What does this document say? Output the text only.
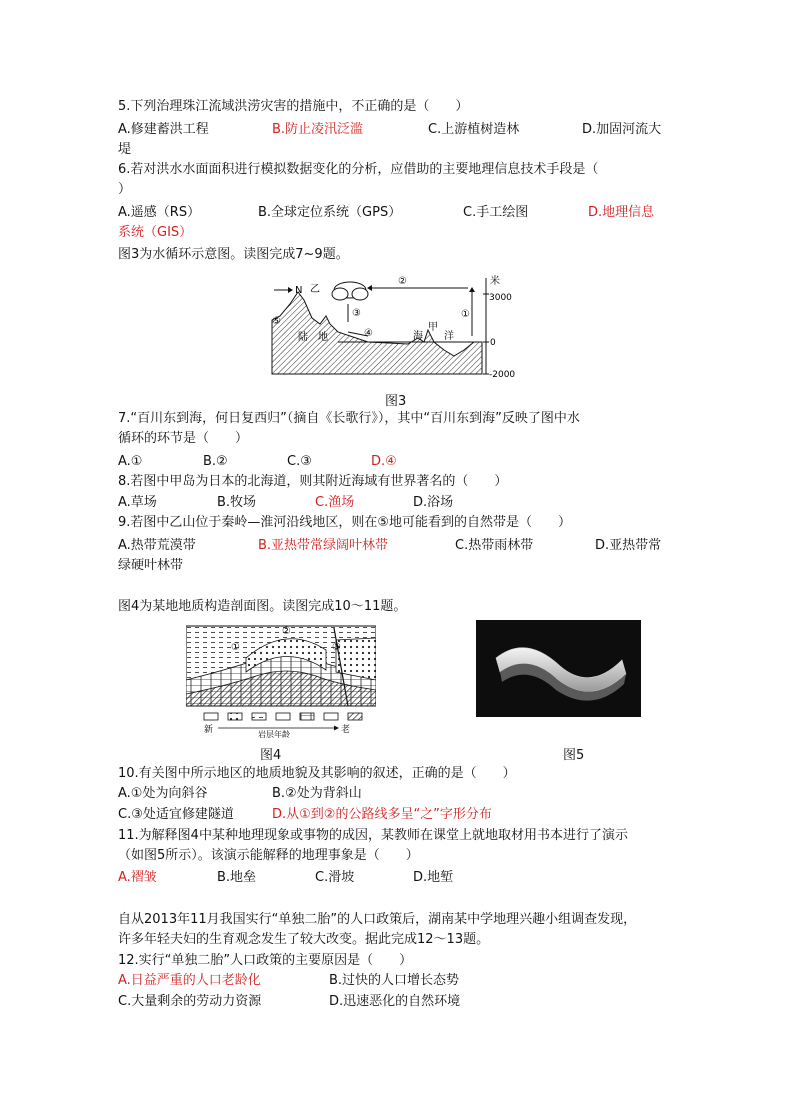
5.下列治理珠江流域洪涝灾害的措施中，不正确的是（　　）
A.修建蓄洪工程	B.防止凌汛泛滥	C.上游植树造林	D.加固河流大
堤
6.若对洪水水面面积进行模拟数据变化的分析，应借助的主要地理信息技术手段是（
）
A.遥感（RS）	B.全球定位系统（GPS）	C.手工绘图	D.地理信息
系统（GIS）
图3为水循环示意图。读图完成7~9题。
米
3000
0
-2000
N 乙
陆　地	海
甲
洋
①
②
③
④
⑤
图3
7.“百川东到海，何日复西归”（摘自《长歌行》），其中“百川东到海”反映了图中水
循环的环节是（　　）
A.①	B.②	C.③	D.④
8.若图中甲岛为日本的北海道，则其附近海域有世界著名的（　　）
A.草场	B.牧场	C.渔场	D.浴场
9.若图中乙山位于秦岭—淮河沿线地区，则在⑤地可能看到的自然带是（　　）
A.热带荒漠带	B.亚热带常绿阔叶林带	C.热带雨林带	D.亚热带常
绿硬叶林带
图4为某地地质构造剖面图。读图完成10～11题。
①
②
③
新	老
岩层年龄
图4	图5
10.有关图中所示地区的地质地貌及其影响的叙述，正确的是（　　）
A.①处为向斜谷	B.②处为背斜山
C.③处适宜修建隧道	D.从①到②的公路线多呈“之”字形分布
11.为解释图4中某种地理现象或事物的成因，某教师在课堂上就地取材用书本进行了演示
（如图5所示）。该演示能解释的地理事象是（　　）
A.褶皱	B.地垒	C.滑坡	D.地堑
自从2013年11月我国实行“单独二胎”的人口政策后，湖南某中学地理兴趣小组调查发现，
许多年轻夫妇的生育观念发生了较大改变。据此完成12～13题。
12.实行“单独二胎”人口政策的主要原因是（　　）
A.日益严重的人口老龄化	B.过快的人口增长态势
C.大量剩余的劳动力资源	D.迅速恶化的自然环境
